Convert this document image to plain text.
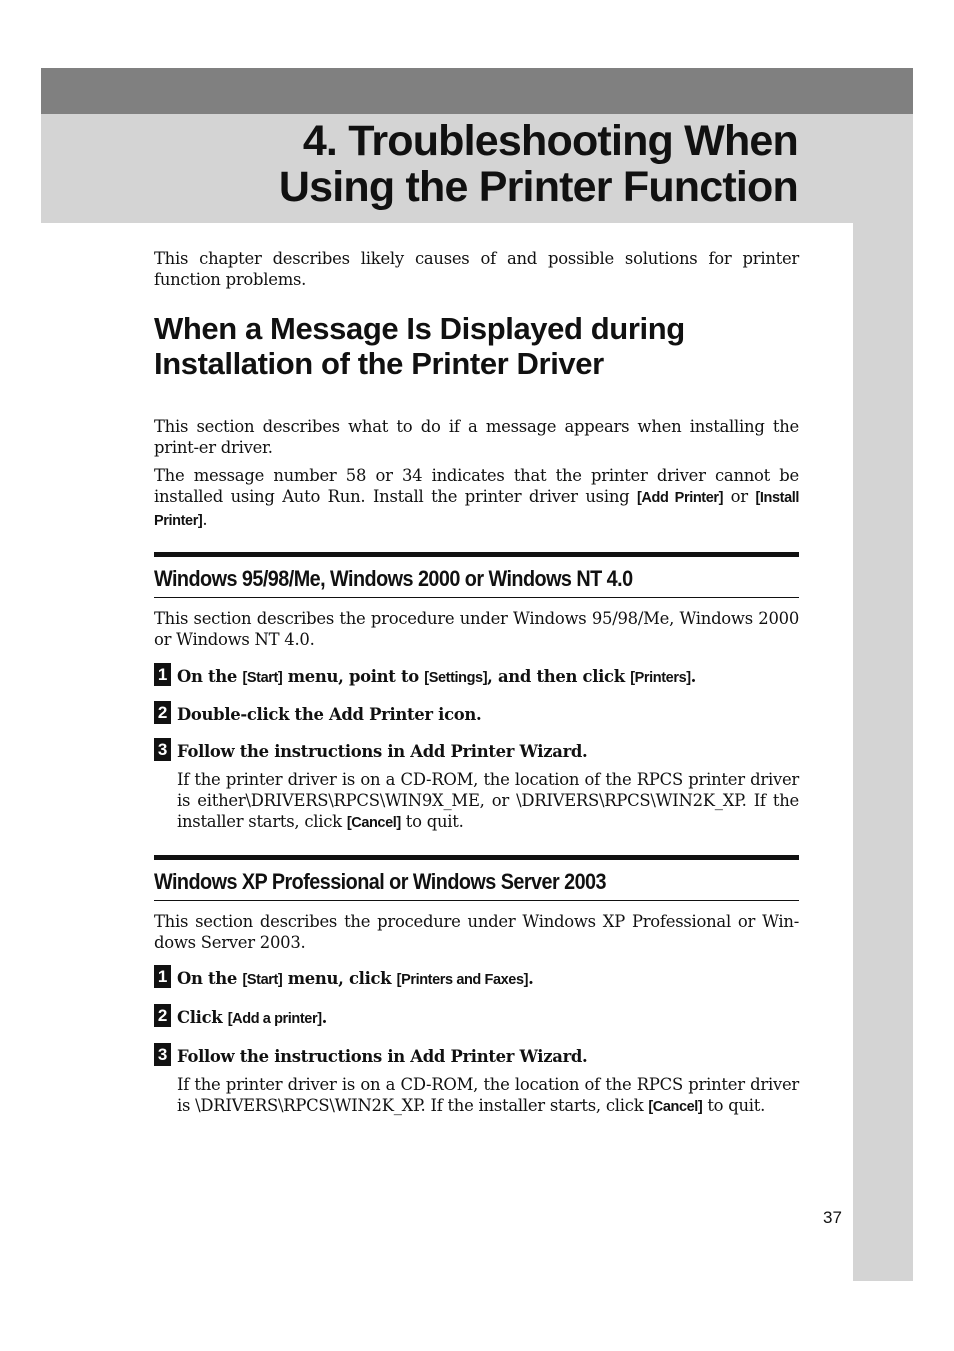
4. Troubleshooting When
Using the Printer Function

This chapter describes likely causes of and possible solutions for printer function problems.

When a Message Is Displayed during
Installation of the Printer Driver

This section describes what to do if a message appears when installing the print-er driver.

The message number 58 or 34 indicates that the printer driver cannot be installed using Auto Run. Install the printer driver using [Add Printer] or [Install Printer].

Windows 95/98/Me, Windows 2000 or Windows NT 4.0

This section describes the procedure under Windows 95/98/Me, Windows 2000 or Windows NT 4.0.

1 On the [Start] menu, point to [Settings], and then click [Printers].
2 Double-click the Add Printer icon.
3 Follow the instructions in Add Printer Wizard.

If the printer driver is on a CD-ROM, the location of the RPCS printer driver is either\DRIVERS\RPCS\WIN9X_ME, or \DRIVERS\RPCS\WIN2K_XP. If the installer starts, click [Cancel] to quit.

Windows XP Professional or Windows Server 2003

This section describes the procedure under Windows XP Professional or Win-dows Server 2003.

1 On the [Start] menu, click [Printers and Faxes].
2 Click [Add a printer].
3 Follow the instructions in Add Printer Wizard.

If the printer driver is on a CD-ROM, the location of the RPCS printer driver is \DRIVERS\RPCS\WIN2K_XP. If the installer starts, click [Cancel] to quit.

37
